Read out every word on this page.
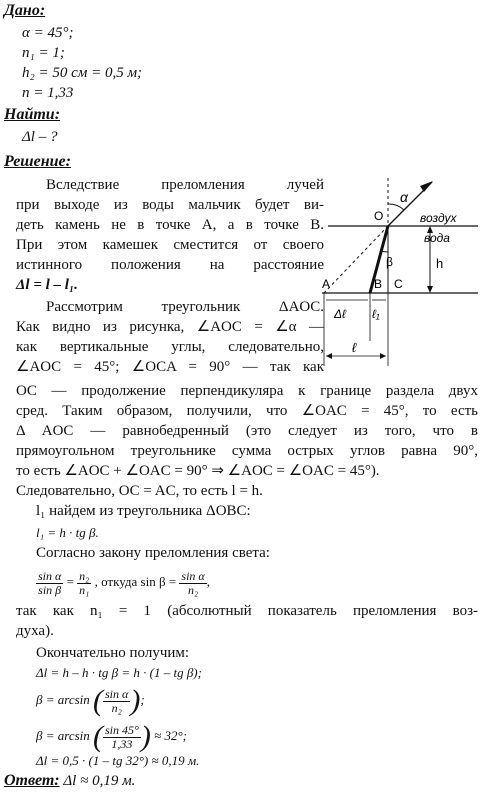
Дано:
α = 45°;
n₁ = 1;
h₂ = 50 см = 0,5 м;
n = 1,33
Найти:
Δl – ?
Решение:
Вследствие преломления лучей
при выходе из воды мальчик будет ви-
деть камень не в точке A, а в точке B.
При этом камешек сместится от своего
истинного положения на расстояние
Δl = l – l₁.
Рассмотрим треугольник ΔAOC.
Как видно из рисунка, ∠AOC = ∠α —
как вертикальные углы, следовательно,
∠AOC = 45°; ∠OCA = 90° — так как
OC — продолжение перпендикуляра к границе раздела двух
сред. Таким образом, получили, что ∠OAC = 45°, то есть
Δ AOC — равнобедренный (это следует из того, что в
прямоугольном треугольнике сумма острых углов равна 90°,
то есть ∠AOC + ∠OAC = 90° ⇒ ∠AOC = ∠OAC = 45°).
Следовательно, OC = AC, то есть l = h.
l₁ найдем из треугольника ΔOBC:
l₁ = h · tg β.
Согласно закону преломления света:
$\frac{\text{sin α}}{\text{sin β}} = \frac{\text{n₂}}{\text{n₁}}$ , откуда $\sin \beta = \frac{\text{sin α}}{\text{n₂}}$ ,
так как n₁ = 1 (абсолютный показатель преломления воз-
духа).
Окончательно получим:
Δl = h – h · tg β = h · (1 – tg β);
β = arcsin ( $\frac{\text{sin α}}{\text{n₂}}$ );
β = arcsin ( $\frac{\sin 45^\circ}{1,33}$ ) ≈ 32°;
Δl = 0,5 · (1 – tg 32°) ≈ 0,19 м.
Ответ: Δl ≈ 0,19 м.
α
O	воздух
вода
β	h
A	B C
Δℓ ℓ₁
ℓ
